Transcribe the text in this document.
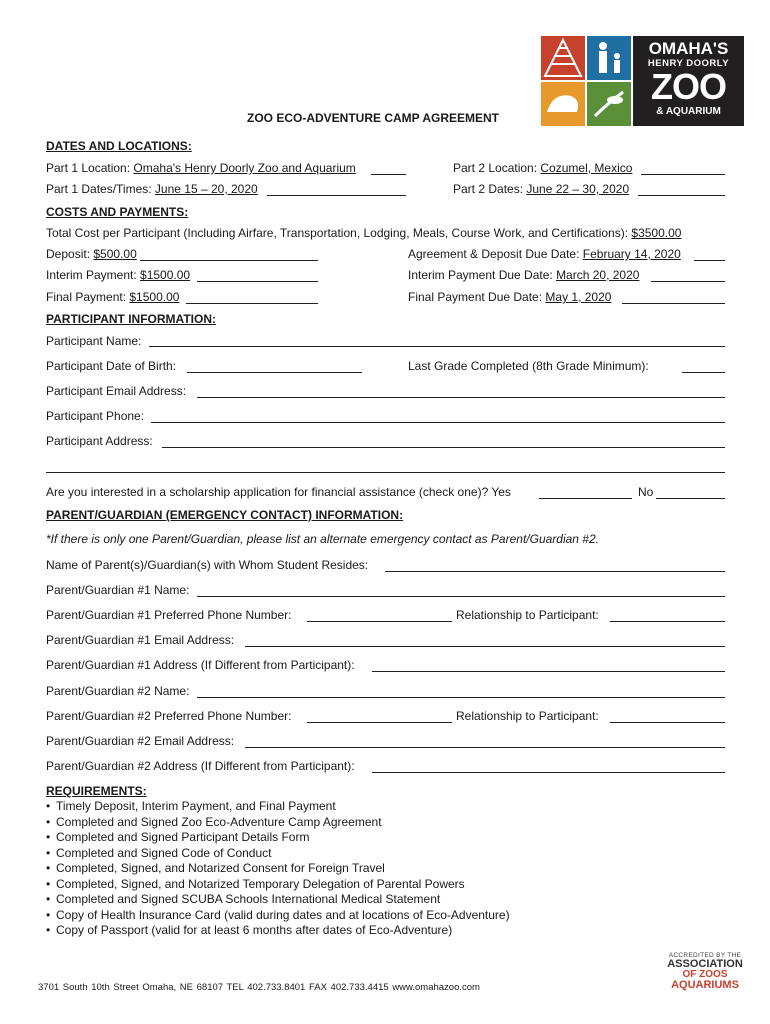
OMAHA'S
HENRY DOORLY
ZOO
& AQUARIUM
ZOO ECO-ADVENTURE CAMP AGREEMENT
DATES AND LOCATIONS:
Part 1 Location: Omaha's Henry Doorly Zoo and Aquarium	Part 2 Location: Cozumel, Mexico
Part 1 Dates/Times: June 15 – 20, 2020	Part 2 Dates: June 22 – 30, 2020
COSTS AND PAYMENTS:
Total Cost per Participant (Including Airfare, Transportation, Lodging, Meals, Course Work, and Certifications): $3500.00
Deposit: $500.00	Agreement & Deposit Due Date: February 14, 2020
Interim Payment: $1500.00	Interim Payment Due Date: March 20, 2020
Final Payment: $1500.00	Final Payment Due Date: May 1, 2020
PARTICIPANT INFORMATION:
Participant Name:
Participant Date of Birth:	Last Grade Completed (8th Grade Minimum):
Participant Email Address:
Participant Phone:
Participant Address:
Are you interested in a scholarship application for financial assistance (check one)? Yes	No
PARENT/GUARDIAN (EMERGENCY CONTACT) INFORMATION:
*If there is only one Parent/Guardian, please list an alternate emergency contact as Parent/Guardian #2.
Name of Parent(s)/Guardian(s) with Whom Student Resides:
Parent/Guardian #1 Name:
Parent/Guardian #1 Preferred Phone Number:	Relationship to Participant:
Parent/Guardian #1 Email Address:
Parent/Guardian #1 Address (If Different from Participant):
Parent/Guardian #2 Name:
Parent/Guardian #2 Preferred Phone Number:	Relationship to Participant:
Parent/Guardian #2 Email Address:
Parent/Guardian #2 Address (If Different from Participant):
REQUIREMENTS:
• Timely Deposit, Interim Payment, and Final Payment
• Completed and Signed Zoo Eco-Adventure Camp Agreement
• Completed and Signed Participant Details Form
• Completed and Signed Code of Conduct
• Completed, Signed, and Notarized Consent for Foreign Travel
• Completed, Signed, and Notarized Temporary Delegation of Parental Powers
• Completed and Signed SCUBA Schools International Medical Statement
• Copy of Health Insurance Card (valid during dates and at locations of Eco-Adventure)
• Copy of Passport (valid for at least 6 months after dates of Eco-Adventure)
ACCREDITED BY THE
ASSOCIATION
OF ZOOS
AQUARIUMS
3701 South 10th Street Omaha, NE 68107 TEL 402.733.8401 FAX 402.733.4415 www.omahazoo.com
